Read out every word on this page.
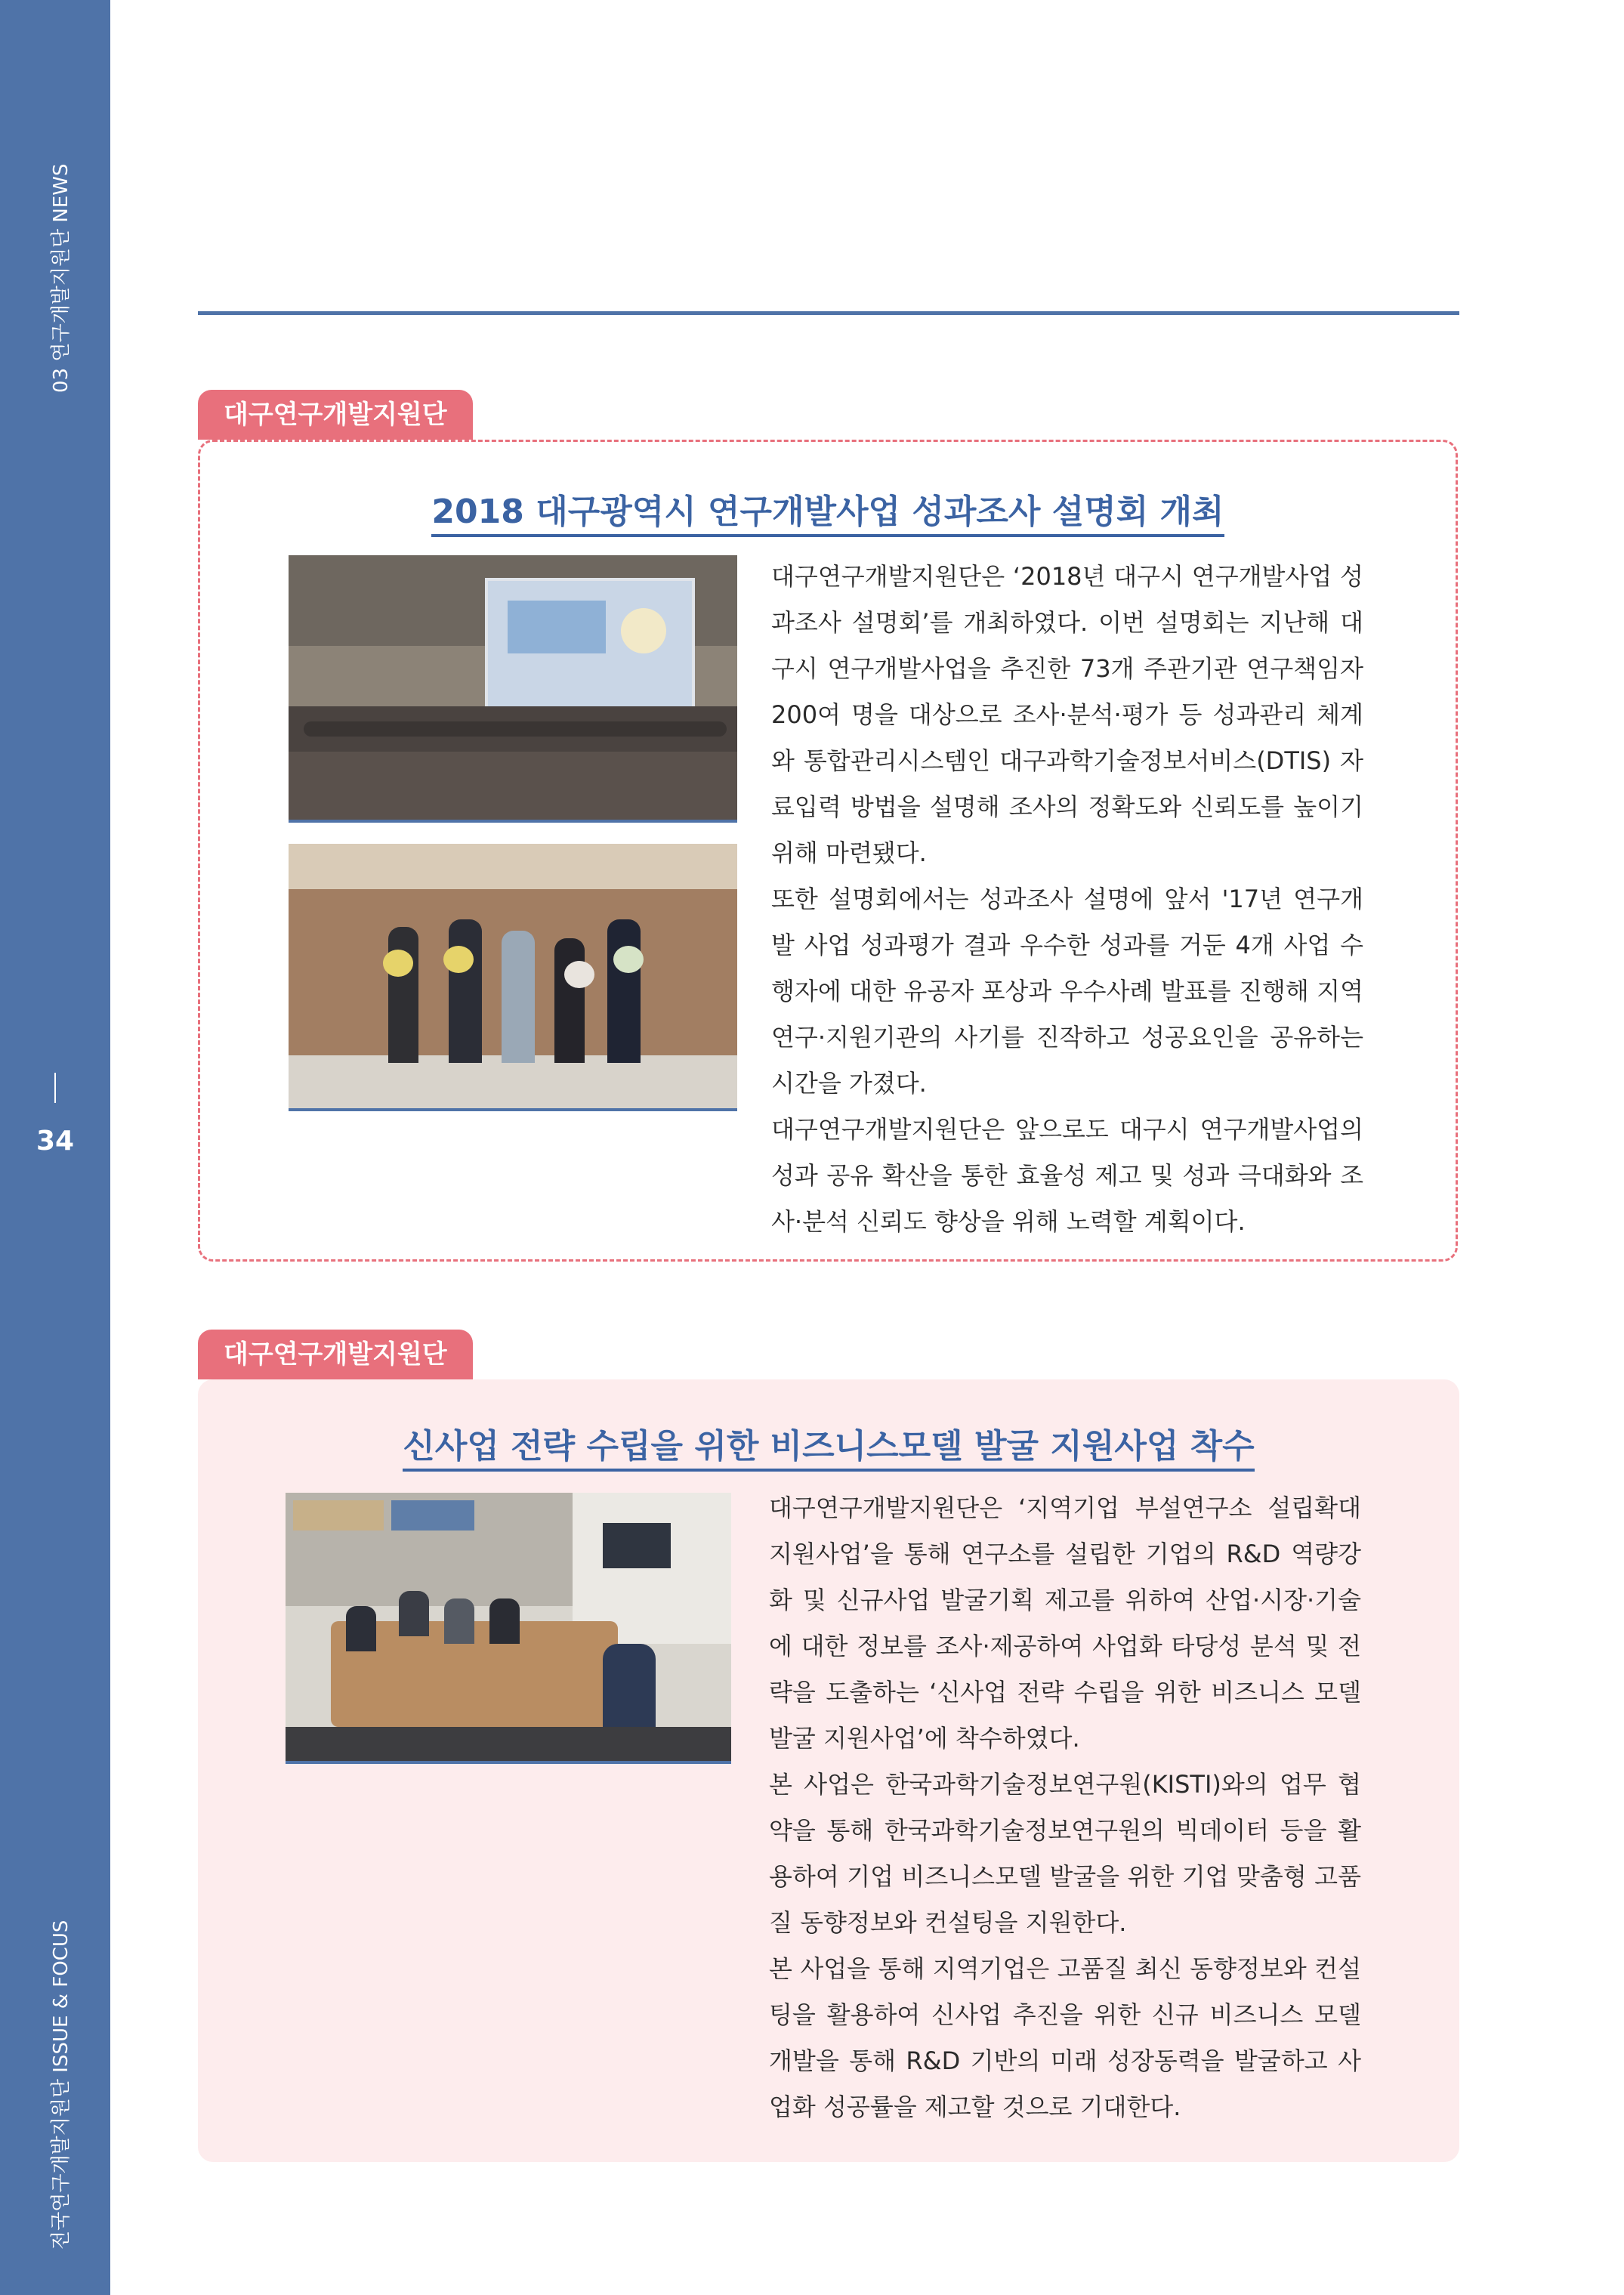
03 연구개발지원단 NEWS
34
전국연구개발지원단 ISSUE & FOCUS
대구연구개발지원단
2018 대구광역시 연구개발사업 성과조사 설명회 개최
대구연구개발지원단은 ‘2018년 대구시 연구개발사업 성과조사 설명회’를 개최하였다. 이번 설명회는 지난해 대구시 연구개발사업을 추진한 73개 주관기관 연구책임자 200여 명을 대상으로 조사·분석·평가 등 성과관리 체계와 통합관리시스템인 대구과학기술정보서비스(DTIS) 자료입력 방법을 설명해 조사의 정확도와 신뢰도를 높이기 위해 마련됐다.
또한 설명회에서는 성과조사 설명에 앞서 '17년 연구개발 사업 성과평가 결과 우수한 성과를 거둔 4개 사업 수행자에 대한 유공자 포상과 우수사례 발표를 진행해 지역 연구·지원기관의 사기를 진작하고 성공요인을 공유하는 시간을 가졌다.
대구연구개발지원단은 앞으로도 대구시 연구개발사업의 성과 공유 확산을 통한 효율성 제고 및 성과 극대화와 조사·분석 신뢰도 향상을 위해 노력할 계획이다.
대구연구개발지원단
신사업 전략 수립을 위한 비즈니스모델 발굴 지원사업 착수
대구연구개발지원단은 ‘지역기업 부설연구소 설립확대 지원사업’을 통해 연구소를 설립한 기업의 R&D 역량강화 및 신규사업 발굴기획 제고를 위하여 산업·시장·기술에 대한 정보를 조사·제공하여 사업화 타당성 분석 및 전략을 도출하는 ‘신사업 전략 수립을 위한 비즈니스 모델 발굴 지원사업’에 착수하였다.
본 사업은 한국과학기술정보연구원(KISTI)와의 업무 협약을 통해 한국과학기술정보연구원의 빅데이터 등을 활용하여 기업 비즈니스모델 발굴을 위한 기업 맞춤형 고품질 동향정보와 컨설팅을 지원한다.
본 사업을 통해 지역기업은 고품질 최신 동향정보와 컨설팅을 활용하여 신사업 추진을 위한 신규 비즈니스 모델 개발을 통해 R&D 기반의 미래 성장동력을 발굴하고 사업화 성공률을 제고할 것으로 기대한다.
